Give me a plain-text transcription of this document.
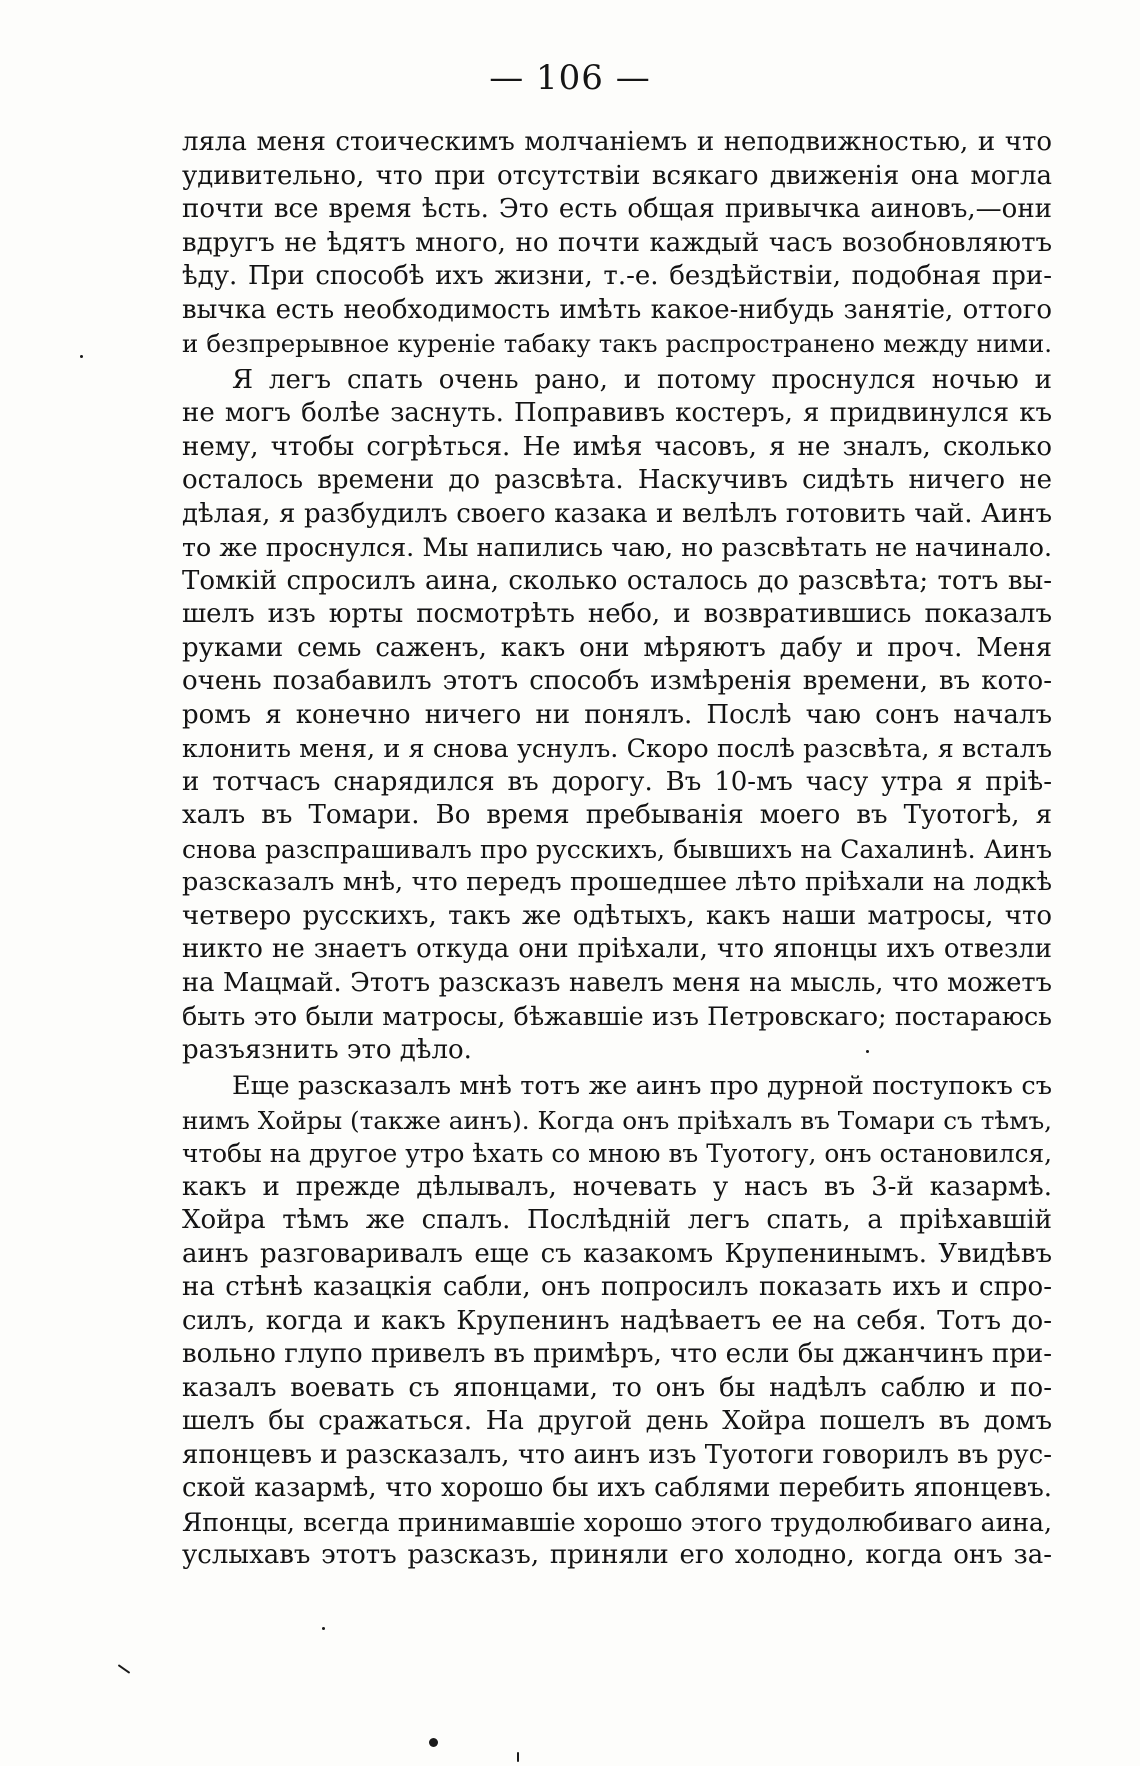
— 106 —
ляла меня стоическимъ молчаніемъ и неподвижностью, и что
удивительно, что при отсутствіи всякаго движенія она могла
почти все время ѣсть. Это есть общая привычка аиновъ,—они
вдругъ не ѣдятъ много, но почти каждый часъ возобновляютъ
ѣду. При способѣ ихъ жизни, т.-е. бездѣйствіи, подобная при-
вычка есть необходимость имѣть какое-нибудь занятіе, оттого
и безпрерывное куреніе табаку такъ распространено между ними.
Я легъ спать очень рано, и потому проснулся ночью и
не могъ болѣе заснуть. Поправивъ костеръ, я придвинулся къ
нему, чтобы согрѣться. Не имѣя часовъ, я не зналъ, сколько
осталось времени до разсвѣта. Наскучивъ сидѣть ничего не
дѣлая, я разбудилъ своего казака и велѣлъ готовить чай. Аинъ
то же проснулся. Мы напились чаю, но разсвѣтать не начинало.
Томкій спросилъ аина, сколько осталось до разсвѣта; тотъ вы-
шелъ изъ юрты посмотрѣть небо, и возвратившись показалъ
руками семь саженъ, какъ они мѣряютъ дабу и проч. Меня
очень позабавилъ этотъ способъ измѣренія времени, въ кото-
ромъ я конечно ничего ни понялъ. Послѣ чаю сонъ началъ
клонить меня, и я снова уснулъ. Скоро послѣ разсвѣта, я всталъ
и тотчасъ снарядился въ дорогу. Въ 10-мъ часу утра я пріѣ-
халъ въ Томари. Во время пребыванія моего въ Туотогѣ, я
снова разспрашивалъ про русскихъ, бывшихъ на Сахалинѣ. Аинъ
разсказалъ мнѣ, что передъ прошедшее лѣто пріѣхали на лодкѣ
четверо русскихъ, такъ же одѣтыхъ, какъ наши матросы, что
никто не знаетъ откуда они пріѣхали, что японцы ихъ отвезли
на Мацмай. Этотъ разсказъ навелъ меня на мысль, что можетъ
быть это были матросы, бѣжавшіе изъ Петровскаго; постараюсь
разъязнить это дѣло.
Еще разсказалъ мнѣ тотъ же аинъ про дурной поступокъ съ
нимъ Хойры (также аинъ). Когда онъ пріѣхалъ въ Томари съ тѣмъ,
чтобы на другое утро ѣхать со мною въ Туотогу, онъ остановился,
какъ и прежде дѣлывалъ, ночевать у насъ въ 3-й казармѣ.
Хойра тѣмъ же спалъ. Послѣдній легъ спать, а пріѣхавшій
аинъ разговаривалъ еще съ казакомъ Крупенинымъ. Увидѣвъ
на стѣнѣ казацкія сабли, онъ попросилъ показать ихъ и спро-
силъ, когда и какъ Крупенинъ надѣваетъ ее на себя. Тотъ до-
вольно глупо привелъ въ примѣръ, что если бы джанчинъ при-
казалъ воевать съ японцами, то онъ бы надѣлъ саблю и по-
шелъ бы сражаться. На другой день Хойра пошелъ въ домъ
японцевъ и разсказалъ, что аинъ изъ Туотоги говорилъ въ рус-
ской казармѣ, что хорошо бы ихъ саблями перебить японцевъ.
Японцы, всегда принимавшіе хорошо этого трудолюбиваго аина,
услыхавъ этотъ разсказъ, приняли его холодно, когда онъ за-
